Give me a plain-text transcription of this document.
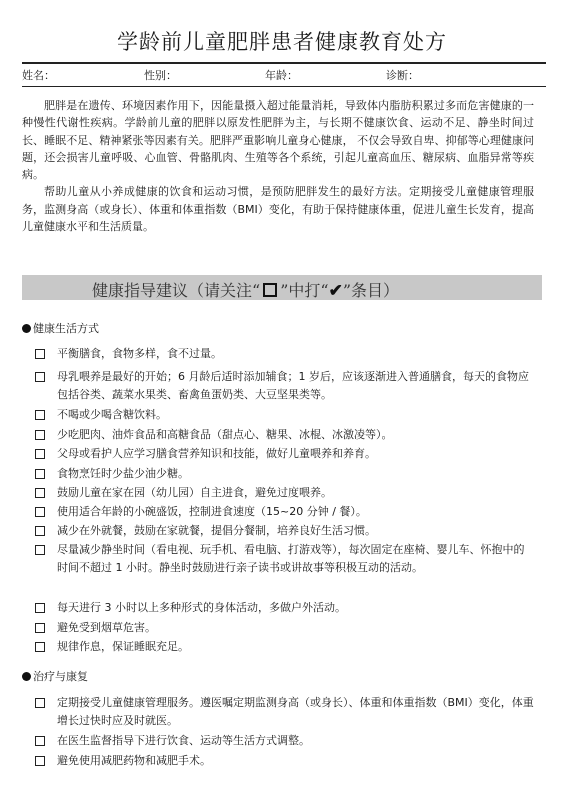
学龄前儿童肥胖患者健康教育处方
姓名：	性别：	年龄：	诊断：

肥胖是在遗传、环境因素作用下，因能量摄入超过能量消耗，导致体内脂肪积累过多而危害健康的一种慢性代谢性疾病。学龄前儿童的肥胖以原发性肥胖为主，与长期不健康饮食、运动不足、静坐时间过长、睡眠不足、精神紧张等因素有关。肥胖严重影响儿童身心健康， 不仅会导致自卑、抑郁等心理健康问题，还会损害儿童呼吸、心血管、骨骼肌肉、生殖等各个系统，引起儿童高血压、糖尿病、血脂异常等疾病。

帮助儿童从小养成健康的饮食和运动习惯，是预防肥胖发生的最好方法。定期接受儿童健康管理服务，监测身高（或身长）、体重和体重指数（BMI）变化，有助于保持健康体重，促进儿童生长发育，提高儿童健康水平和生活质量。

健康指导建议（请关注“ ”中打“✔”条目）
健康生活方式
平衡膳食，食物多样，食不过量。
母乳喂养是最好的开始；6 月龄后适时添加辅食；1 岁后，应该逐渐进入普通膳食，每天的食物应包括谷类、蔬菜水果类、畜禽鱼蛋奶类、大豆坚果类等。
不喝或少喝含糖饮料。
少吃肥肉、油炸食品和高糖食品（甜点心、糖果、冰棍、冰激凌等）。
父母或看护人应学习膳食营养知识和技能，做好儿童喂养和养育。
食物烹饪时少盐少油少糖。
鼓励儿童在家在园（幼儿园）自主进食，避免过度喂养。
使用适合年龄的小碗盛饭，控制进食速度（15~20 分钟 / 餐）。
减少在外就餐，鼓励在家就餐，提倡分餐制，培养良好生活习惯。
尽量减少静坐时间（看电视、玩手机、看电脑、打游戏等），每次固定在座椅、婴儿车、怀抱中的时间不超过 1 小时。静坐时鼓励进行亲子读书或讲故事等积极互动的活动。
每天进行 3 小时以上多种形式的身体活动，多做户外活动。
避免受到烟草危害。
规律作息，保证睡眠充足。
治疗与康复
定期接受儿童健康管理服务。遵医嘱定期监测身高（或身长）、体重和体重指数（BMI）变化，体重增长过快时应及时就医。
在医生监督指导下进行饮食、运动等生活方式调整。
避免使用减肥药物和减肥手术。
